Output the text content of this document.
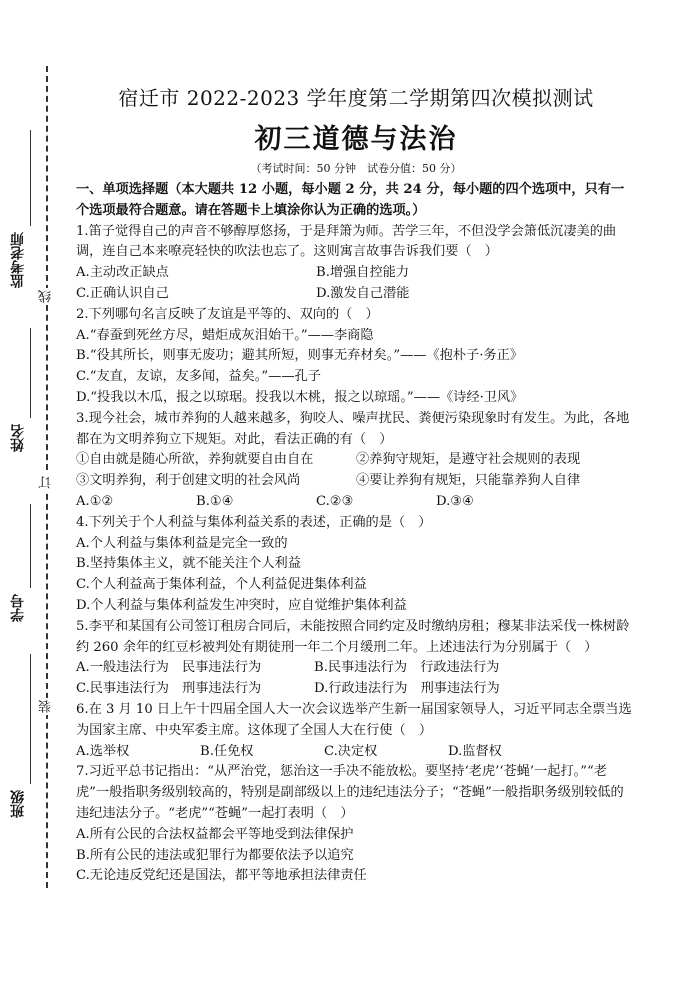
监考老师
姓名
学号
班级
线
订
装
宿迁市 2022-2023 学年度第二学期第四次模拟测试
初三道德与法治
（考试时间：50 分钟　试卷分值：50 分）

一、单项选择题（本大题共 12 小题，每小题 2 分，共 24 分，每小题的四个选项中，只有一个选项最符合题意。请在答题卡上填涂你认为正确的选项。）

1.笛子觉得自己的声音不够醇厚悠扬，于是拜箫为师。苦学三年，不但没学会箫低沉凄美的曲调，连自己本来嘹亮轻快的吹法也忘了。这则寓言故事告诉我们要（　）

A.主动改正缺点	B.增强自控能力
C.正确认识自己	D.激发自己潜能

2.下列哪句名言反映了友谊是平等的、双向的（　）

A.“春蚕到死丝方尽，蜡炬成灰泪始干。”——李商隐

B.“役其所长，则事无废功；避其所短，则事无弃材矣。”——《抱朴子·务正》

C.“友直，友谅，友多闻，益矣。”——孔子

D.“投我以木瓜，报之以琼琚。投我以木桃，报之以琼瑶。”——《诗经·卫风》

3.现今社会，城市养狗的人越来越多，狗咬人、噪声扰民、粪便污染现象时有发生。为此，各地都在为文明养狗立下规矩。对此，看法正确的有（　）

①自由就是随心所欲，养狗就要自由自在	②养狗守规矩，是遵守社会规则的表现
③文明养狗，利于创建文明的社会风尚	④要让养狗有规矩，只能靠养狗人自律
A.①②	B.①④	C.②③	D.③④

4.下列关于个人利益与集体利益关系的表述，正确的是（　）

A.个人利益与集体利益是完全一致的

B.坚持集体主义，就不能关注个人利益

C.个人利益高于集体利益，个人利益促进集体利益

D.个人利益与集体利益发生冲突时，应自觉维护集体利益

5.李平和某国有公司签订租房合同后，未能按照合同约定及时缴纳房租；穆某非法采伐一株树龄约 260 余年的红豆杉被判处有期徒刑一年二个月缓刑二年。上述违法行为分别属于（　）

A.一般违法行为　民事违法行为	B.民事违法行为　行政违法行为
C.民事违法行为　刑事违法行为	D.行政违法行为　刑事违法行为

6.在 3 月 10 日上午十四届全国人大一次会议选举产生新一届国家领导人，习近平同志全票当选为国家主席、中央军委主席。这体现了全国人大在行使（　）

A.选举权	B.任免权	C.决定权	D.监督权

7.习近平总书记指出：“从严治党，惩治这一手决不能放松。要坚持‘老虎’‘苍蝇’一起打。”“老虎”一般指职务级别较高的，特别是副部级以上的违纪违法分子；“苍蝇”一般指职务级别较低的违纪违法分子。“老虎”“苍蝇”一起打表明（　）

A.所有公民的合法权益都会平等地受到法律保护

B.所有公民的违法或犯罪行为都要依法予以追究

C.无论违反党纪还是国法，都平等地承担法律责任
